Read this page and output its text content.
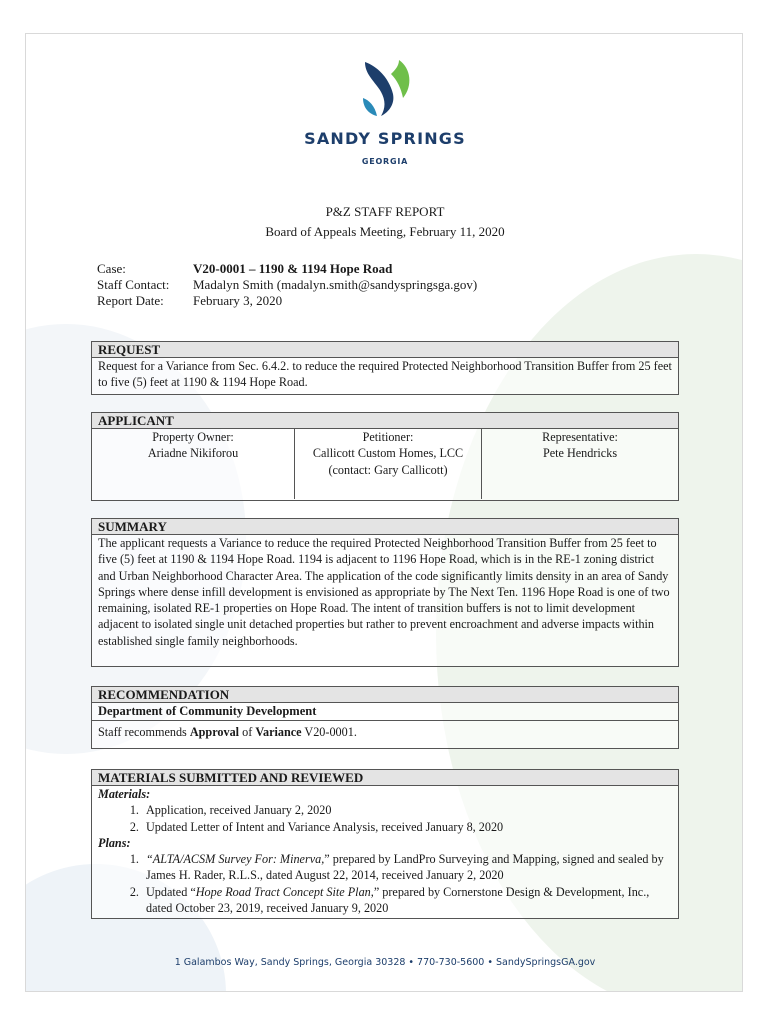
SANDY SPRINGS
GEORGIA
P&Z STAFF REPORT
Board of Appeals Meeting, February 11, 2020
Case:	V20-0001 – 1190 & 1194 Hope Road
Staff Contact: Madalyn Smith (madalyn.smith@sandyspringsga.gov)
Report Date: February 3, 2020
REQUEST
Request for a Variance from Sec. 6.4.2. to reduce the required Protected Neighborhood Transition Buffer from 25 feet to five (5) feet at 1190 & 1194 Hope Road.
APPLICANT
Property Owner:
Ariadne Nikiforou
Petitioner:
Callicott Custom Homes, LCC
(contact: Gary Callicott)
Representative:
Pete Hendricks
SUMMARY
The applicant requests a Variance to reduce the required Protected Neighborhood Transition Buffer from 25 feet to five (5) feet at 1190 & 1194 Hope Road. 1194 is adjacent to 1196 Hope Road, which is in the RE-1 zoning district and Urban Neighborhood Character Area. The application of the code significantly limits density in an area of Sandy Springs where dense infill development is envisioned as appropriate by The Next Ten. 1196 Hope Road is one of two remaining, isolated RE-1 properties on Hope Road. The intent of transition buffers is not to limit development adjacent to isolated single unit detached properties but rather to prevent encroachment and adverse impacts within established single family neighborhoods.
RECOMMENDATION
Department of Community Development
Staff recommends Approval of Variance V20-0001.
MATERIALS SUBMITTED AND REVIEWED
Materials:
1. Application, received January 2, 2020
2. Updated Letter of Intent and Variance Analysis, received January 8, 2020
Plans:
1. “ALTA/ACSM Survey For: Minerva,” prepared by LandPro Surveying and Mapping, signed and sealed by James H. Rader, R.L.S., dated August 22, 2014, received January 2, 2020
2. Updated “Hope Road Tract Concept Site Plan,” prepared by Cornerstone Design & Development, Inc., dated October 23, 2019, received January 9, 2020
1 Galambos Way, Sandy Springs, Georgia 30328 • 770-730-5600 • SandySpringsGA.gov
